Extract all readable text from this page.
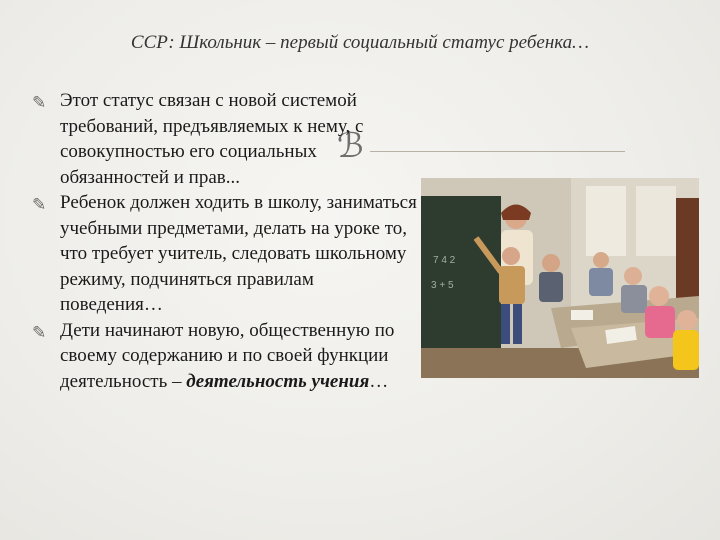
ССР: Школьник – первый социальный статус ребенка…
ℬ
✎ Этот статус связан с новой системой требований, предъявляемых к нему, с совокупностью его социальных обязанностей и прав...
✎ Ребенок должен ходить в школу, заниматься учебными предметами, делать на уроке то, что требует учитель, следовать школьному режиму, подчиняться правилам поведения…
✎ Дети начинают новую, общественную по своему содержанию и по своей функции деятельность – деятельность учения…
7 4 2
3 + 5
